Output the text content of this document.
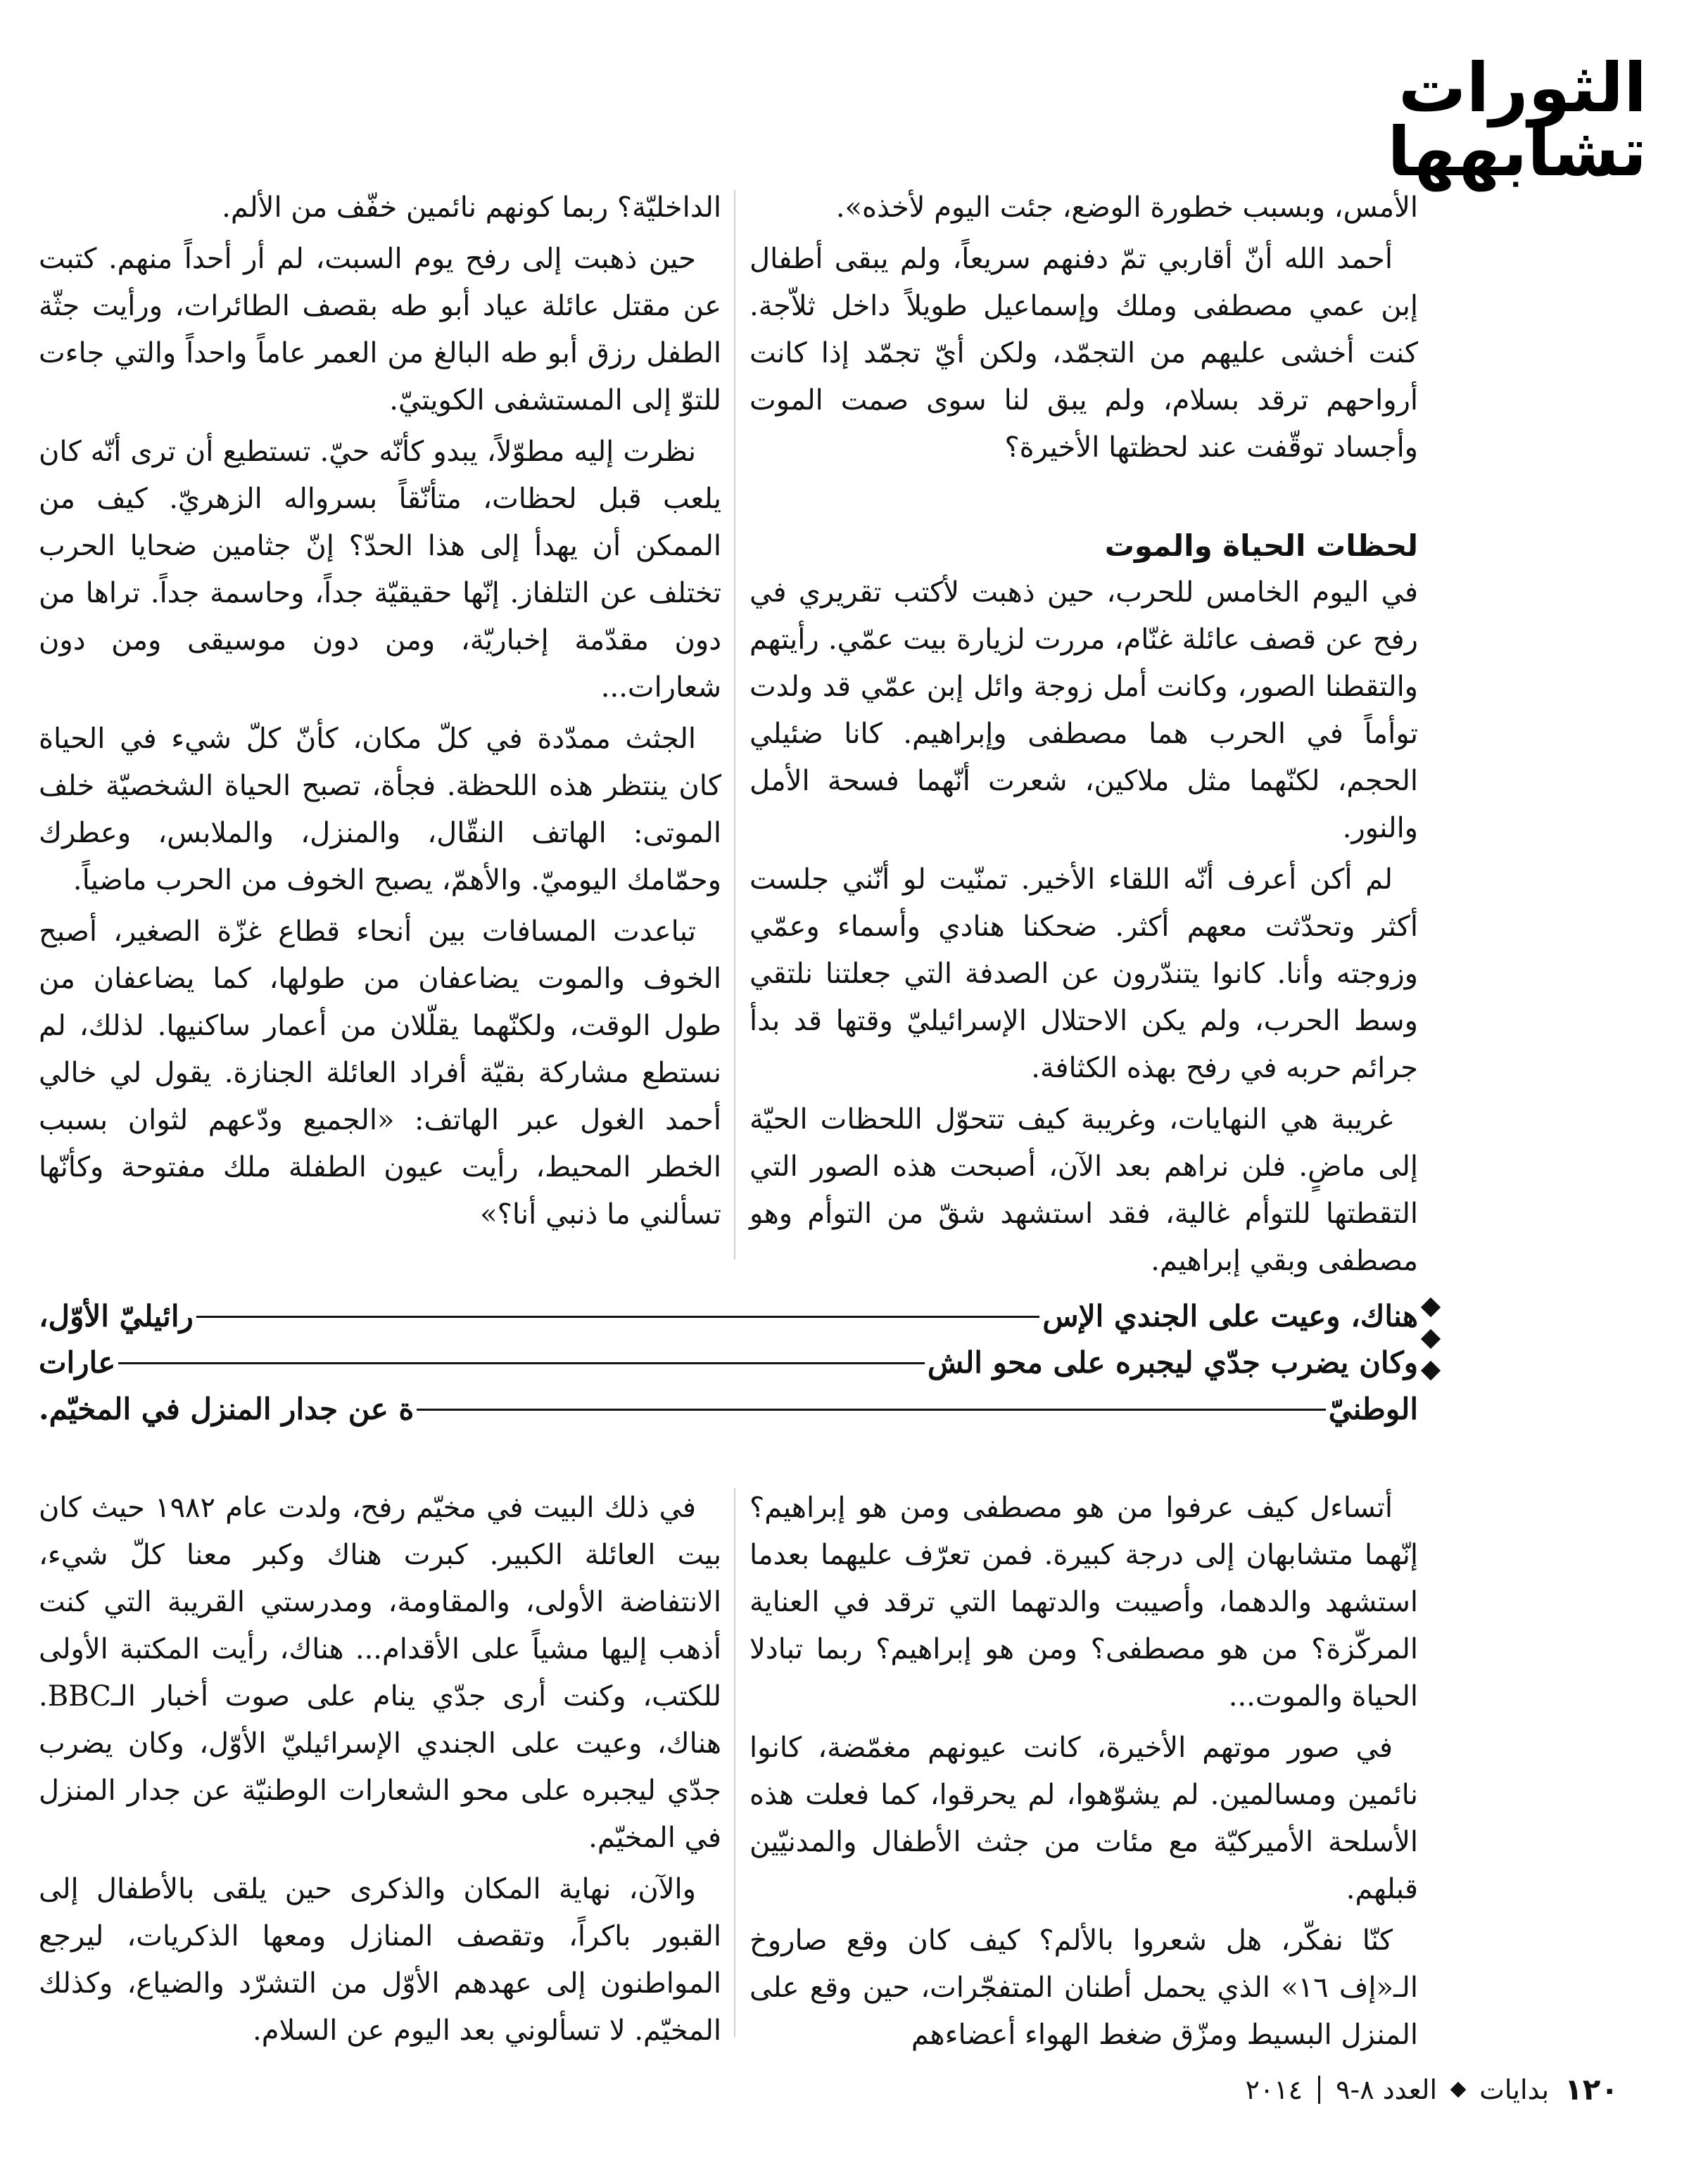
الثورات
تشابهها

الأمس، وبسبب خطورة الوضع، جئت اليوم لأخذه».

أحمد الله أنّ أقاربي تمّ دفنهم سريعاً، ولم يبقى أطفال إبن عمي مصطفى وملك وإسماعيل طويلاً داخل ثلاّجة. كنت أخشى عليهم من التجمّد، ولكن أيّ تجمّد إذا كانت أرواحهم ترقد بسلام، ولم يبق لنا سوى صمت الموت وأجساد توقّفت عند لحظتها الأخيرة؟

لحظات الحياة والموت

في اليوم الخامس للحرب، حين ذهبت لأكتب تقريري في رفح عن قصف عائلة غنّام، مررت لزيارة بيت عمّي. رأيتهم والتقطنا الصور، وكانت أمل زوجة وائل إبن عمّي قد ولدت توأماً في الحرب هما مصطفى وإبراهيم. كانا ضئيلي الحجم، لكنّهما مثل ملاكين، شعرت أنّهما فسحة الأمل والنور.

لم أكن أعرف أنّه اللقاء الأخير. تمنّيت لو أنّني جلست أكثر وتحدّثت معهم أكثر. ضحكنا هنادي وأسماء وعمّي وزوجته وأنا. كانوا يتندّرون عن الصدفة التي جعلتنا نلتقي وسط الحرب، ولم يكن الاحتلال الإسرائيليّ وقتها قد بدأ جرائم حربه في رفح بهذه الكثافة.

غريبة هي النهايات، وغريبة كيف تتحوّل اللحظات الحيّة إلى ماضٍ. فلن نراهم بعد الآن، أصبحت هذه الصور التي التقطتها للتوأم غالية، فقد استشهد شقّ من التوأم وهو مصطفى وبقي إبراهيم.

الداخليّة؟ ربما كونهم نائمين خفّف من الألم.

حين ذهبت إلى رفح يوم السبت، لم أر أحداً منهم. كتبت عن مقتل عائلة عياد أبو طه بقصف الطائرات، ورأيت جثّة الطفل رزق أبو طه البالغ من العمر عاماً واحداً والتي جاءت للتوّ إلى المستشفى الكويتيّ.

نظرت إليه مطوّلاً، يبدو كأنّه حيّ. تستطيع أن ترى أنّه كان يلعب قبل لحظات، متأنّقاً بسرواله الزهريّ. كيف من الممكن أن يهدأ إلى هذا الحدّ؟ إنّ جثامين ضحايا الحرب تختلف عن التلفاز. إنّها حقيقيّة جداً، وحاسمة جداً. تراها من دون مقدّمة إخباريّة، ومن دون موسيقى ومن دون شعارات...

الجثث ممدّدة في كلّ مكان، كأنّ كلّ شيء في الحياة كان ينتظر هذه اللحظة. فجأة، تصبح الحياة الشخصيّة خلف الموتى: الهاتف النقّال، والمنزل، والملابس، وعطرك وحمّامك اليوميّ. والأهمّ، يصبح الخوف من الحرب ماضياً.

تباعدت المسافات بين أنحاء قطاع غزّة الصغير، أصبح الخوف والموت يضاعفان من طولها، كما يضاعفان من طول الوقت، ولكنّهما يقلّلان من أعمار ساكنيها. لذلك، لم نستطع مشاركة بقيّة أفراد العائلة الجنازة. يقول لي خالي أحمد الغول عبر الهاتف: «الجميع ودّعهم لثوان بسبب الخطر المحيط، رأيت عيون الطفلة ملك مفتوحة وكأنّها تسألني ما ذنبي أنا؟»

هناك، وعيت على الجندي الإس
رائيليّ الأوّل،
وكان يضرب جدّي ليجبره على محو الش
عارات
الوطنيّ
ة عن جدار المنزل في المخيّم.

أتساءل كيف عرفوا من هو مصطفى ومن هو إبراهيم؟ إنّهما متشابهان إلى درجة كبيرة. فمن تعرّف عليهما بعدما استشهد والدهما، وأصيبت والدتهما التي ترقد في العناية المركّزة؟ من هو مصطفى؟ ومن هو إبراهيم؟ ربما تبادلا الحياة والموت...

في صور موتهم الأخيرة، كانت عيونهم مغمّضة، كانوا نائمين ومسالمين. لم يشوّهوا، لم يحرقوا، كما فعلت هذه الأسلحة الأميركيّة مع مئات من جثث الأطفال والمدنيّين قبلهم.

كنّا نفكّر، هل شعروا بالألم؟ كيف كان وقع صاروخ الـ«إف ١٦» الذي يحمل أطنان المتفجّرات، حين وقع على المنزل البسيط ومزّق ضغط الهواء أعضاءهم

في ذلك البيت في مخيّم رفح، ولدت عام ١٩٨٢ حيث كان بيت العائلة الكبير. كبرت هناك وكبر معنا كلّ شيء، الانتفاضة الأولى، والمقاومة، ومدرستي القريبة التي كنت أذهب إليها مشياً على الأقدام... هناك، رأيت المكتبة الأولى للكتب، وكنت أرى جدّي ينام على صوت أخبار الـBBC. هناك، وعيت على الجندي الإسرائيليّ الأوّل، وكان يضرب جدّي ليجبره على محو الشعارات الوطنيّة عن جدار المنزل في المخيّم.

والآن، نهاية المكان والذكرى حين يلقى بالأطفال إلى القبور باكراً، وتقصف المنازل ومعها الذكريات، ليرجع المواطنون إلى عهدهم الأوّل من التشرّد والضياع، وكذلك المخيّم. لا تسألوني بعد اليوم عن السلام.

١٢٠
بدايات
العدد ٨-٩
٢٠١٤
